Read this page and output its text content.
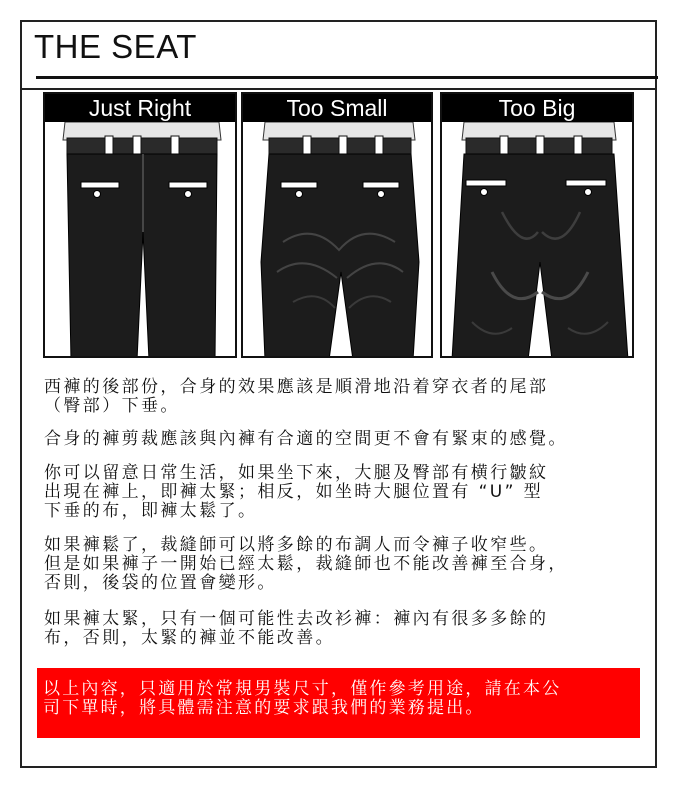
THE SEAT
Just Right	Too Small	Too Big
西褲的後部份，合身的效果應該是順滑地沿着穿衣者的尾部
（臀部）下垂。
合身的褲剪裁應該與內褲有合適的空間更不會有緊束的感覺。
你可以留意日常生活，如果坐下來，大腿及臀部有横行皺紋
出現在褲上，即褲太緊；相反，如坐時大腿位置有 “U” 型
下垂的布，即褲太鬆了。
如果褲鬆了，裁縫師可以將多餘的布調人而令褲子收窄些。
但是如果褲子一開始已經太鬆，裁縫師也不能改善褲至合身，
否則，後袋的位置會變形。
如果褲太緊，只有一個可能性去改衫褲：褲內有很多多餘的
布，否則，太緊的褲並不能改善。
以上內容，只適用於常規男裝尺寸，僅作參考用途，請在本公
司下單時，將具體需注意的要求跟我們的業務提出。
